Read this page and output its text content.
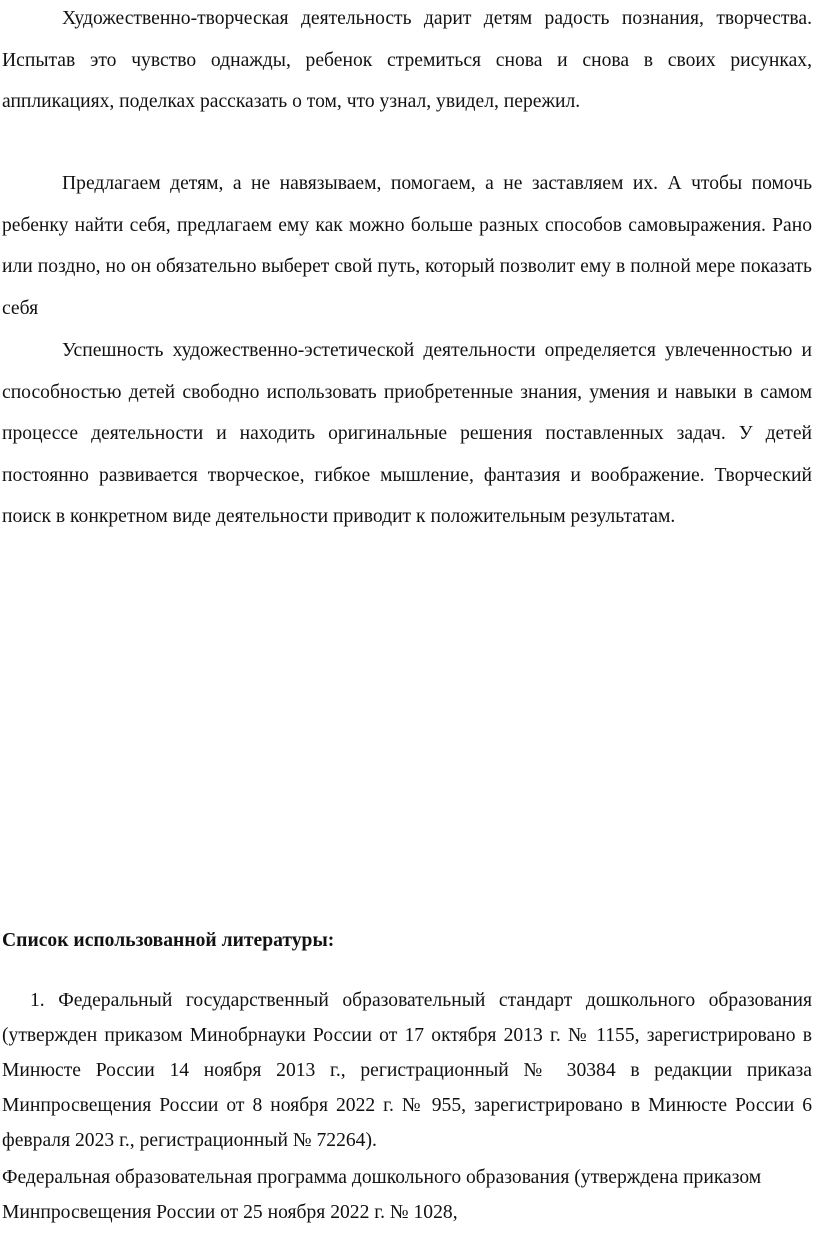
Художественно-творческая деятельность дарит детям радость познания, творчества. Испытав это чувство однажды, ребенок стремиться снова и снова в своих рисунках, аппликациях, поделках рассказать о том, что узнал, увидел, пережил.

Предлагаем детям, а не навязываем, помогаем, а не заставляем их. А чтобы помочь ребенку найти себя, предлагаем ему как можно больше разных способов самовыражения. Рано или поздно, но он обязательно выберет свой путь, который позволит ему в полной мере показать себя

Успешность художественно-эстетической деятельности определяется увлеченностью и способностью детей свободно использовать приобретенные знания, умения и навыки в самом процессе деятельности и находить оригинальные решения поставленных задач. У детей постоянно развивается творческое, гибкое мышление, фантазия и воображение. Творческий поиск в конкретном виде деятельности приводит к положительным результатам.

Список использованной литературы:
1. Федеральный государственный образовательный стандарт дошкольного образования (утвержден приказом Минобрнауки России от 17 октября 2013 г. № 1155, зарегистрировано в Минюсте России 14 ноября 2013 г., регистрационный № 30384 в редакции приказа Минпросвещения России от 8 ноября 2022 г. № 955, зарегистрировано в Минюсте России 6 февраля 2023 г., регистрационный № 72264).

Федеральная образовательная программа дошкольного образования (утверждена приказом Минпросвещения России от 25 ноября 2022 г. № 1028,
